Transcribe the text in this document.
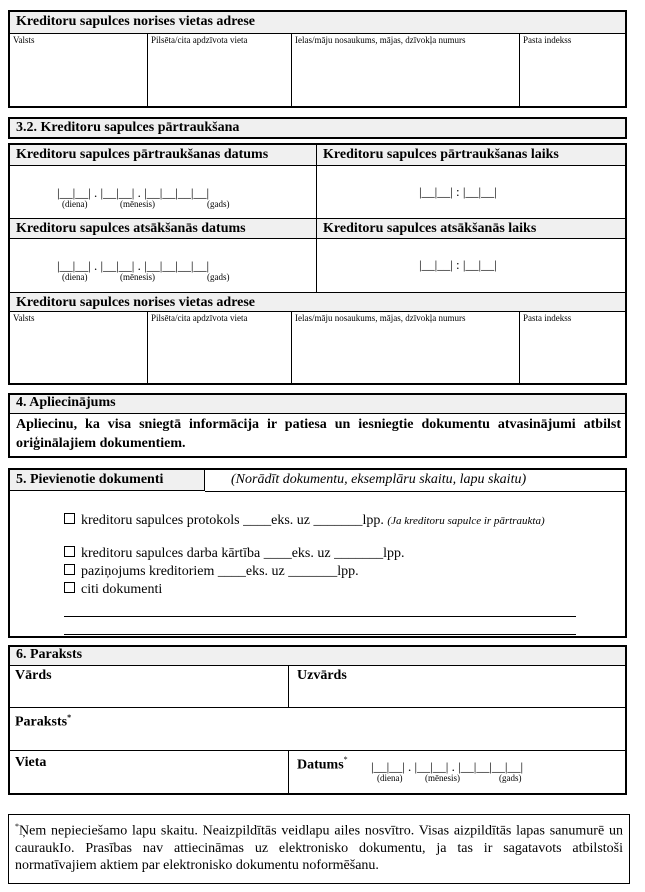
Kreditoru sapulces norises vietas adrese
Valsts	Pilsēta/cita apdzīvota vieta	Ielas/māju nosaukums, mājas, dzīvokļa numurs	Pasta indekss
3.2. Kreditoru sapulces pārtraukšana
Kreditoru sapulces pārtraukšanas datums	Kreditoru sapulces pārtraukšanas laiks
|__|__| . |__|__| . |__|__|__|__|
(diena)	(mēnesis)	(gads)
|__|__| : |__|__|
Kreditoru sapulces atsākšanās datums	Kreditoru sapulces atsākšanās laiks
|__|__| . |__|__| . |__|__|__|__|
(diena)	(mēnesis)	(gads)
|__|__| : |__|__|
Kreditoru sapulces norises vietas adrese
Valsts	Pilsēta/cita apdzīvota vieta	Ielas/māju nosaukums, mājas, dzīvokļa numurs	Pasta indekss
4. Apliecinājums
Apliecinu, ka visa sniegtā informācija ir patiesa un iesniegtie dokumentu atvasinājumi atbilst oriģinālajiem dokumentiem.
5. Pievienotie dokumenti	(Norādīt dokumentu, eksemplāru skaitu, lapu skaitu)
kreditoru sapulces protokols ____eks. uz _______lpp. (Ja kreditoru sapulce ir pārtraukta)
kreditoru sapulces darba kārtība ____eks. uz _______lpp.
paziņojums kreditoriem ____eks. uz _______lpp.
citi dokumenti
6. Paraksts
Vārds	Uzvārds
Paraksts*
Vieta	Datums* |__|__| . |__|__| . |__|__|__|__|
(diena)	(mēnesis)	(gads)
*Ņem nepieciešamo lapu skaitu. Neaizpildītās veidlapu ailes nosvītro. Visas aizpildītās lapas sanumurē un cauraukIo. Prasības nav attiecināmas uz elektronisko dokumentu, ja tas ir sagatavots atbilstoši normatīvajiem aktiem par elektronisko dokumentu noformēšanu.
